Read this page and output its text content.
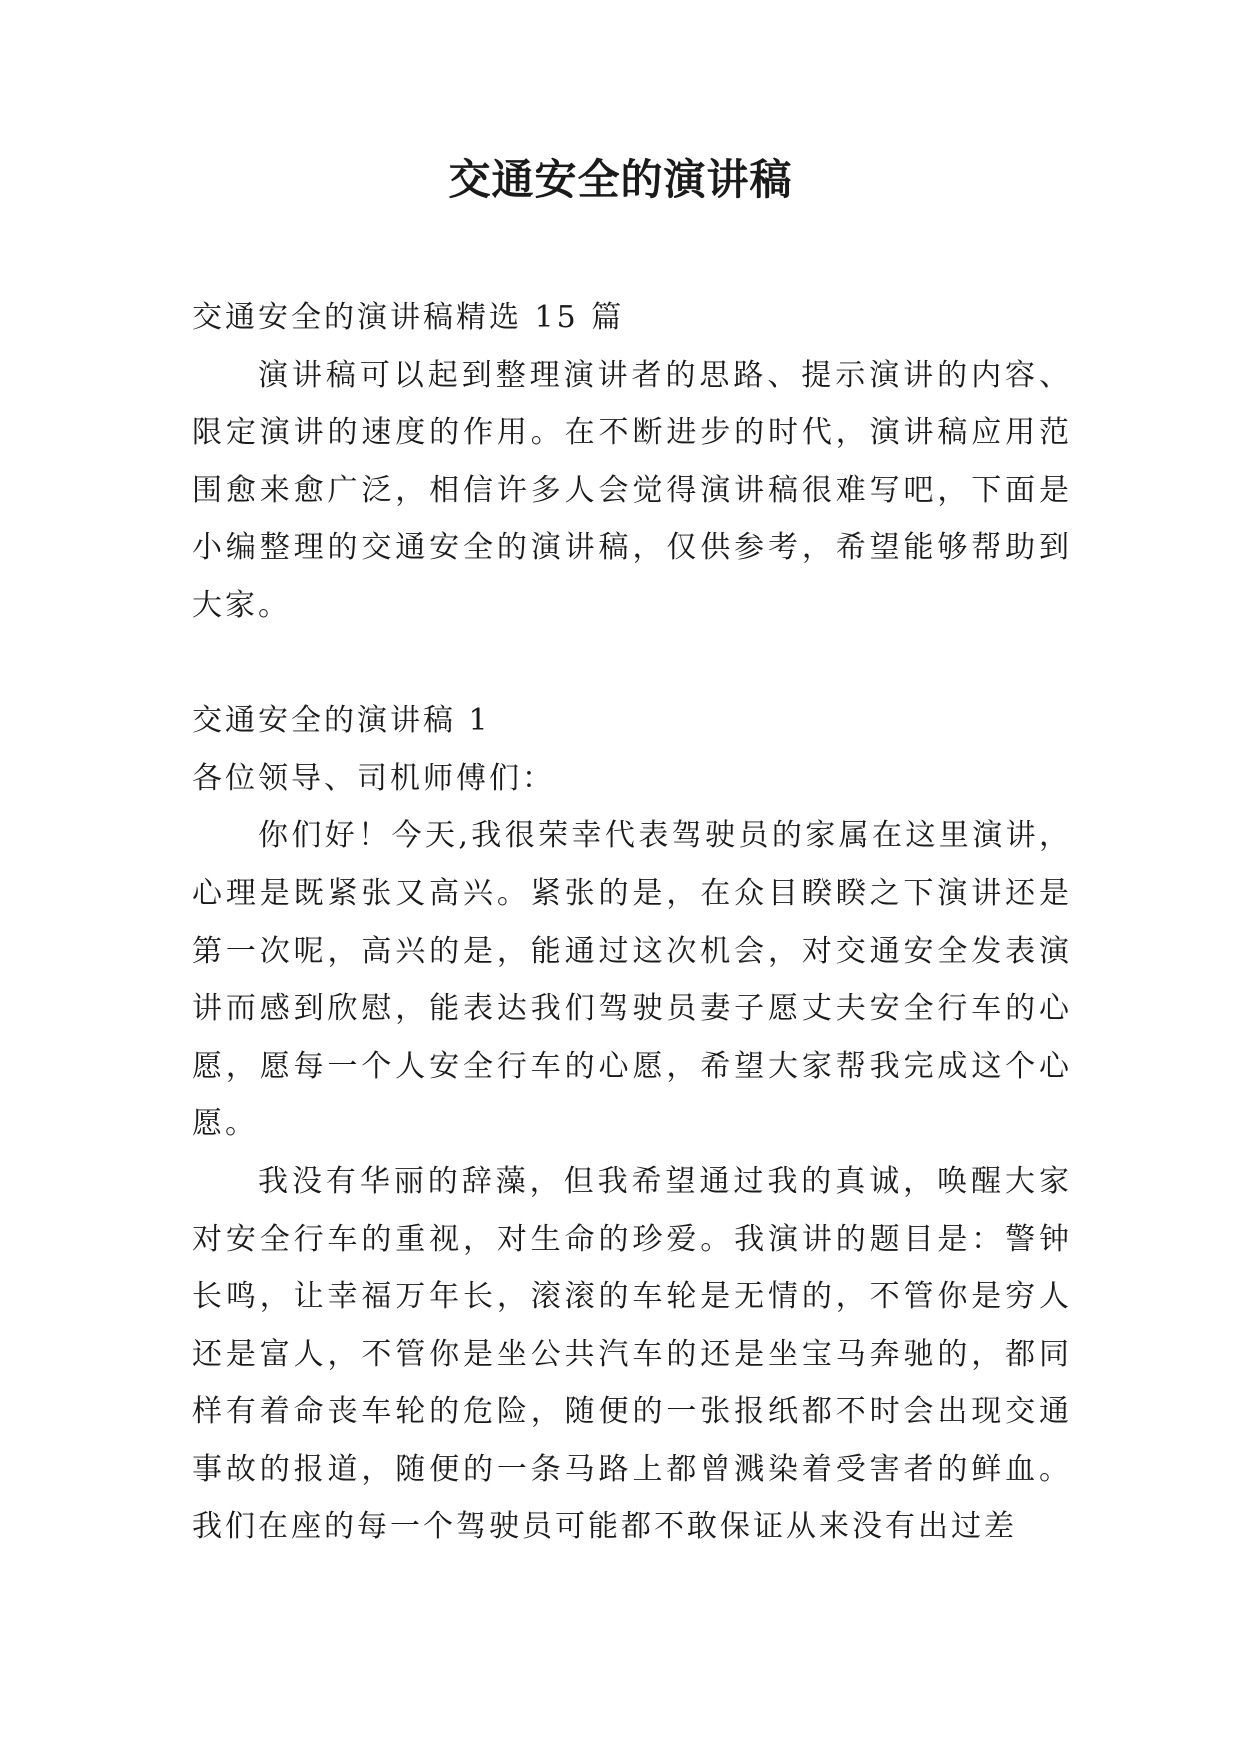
交通安全的演讲稿

交通安全的演讲稿精选 15 篇

演讲稿可以起到整理演讲者的思路、提示演讲的内容、限定演讲的速度的作用。在不断进步的时代，演讲稿应用范围愈来愈广泛，相信许多人会觉得演讲稿很难写吧，下面是小编整理的交通安全的演讲稿，仅供参考，希望能够帮助到大家。

交通安全的演讲稿 1

各位领导、司机师傅们：

你们好！今天,我很荣幸代表驾驶员的家属在这里演讲，心理是既紧张又高兴。紧张的是，在众目睽睽之下演讲还是第一次呢，高兴的是，能通过这次机会，对交通安全发表演讲而感到欣慰，能表达我们驾驶员妻子愿丈夫安全行车的心愿，愿每一个人安全行车的心愿，希望大家帮我完成这个心愿。

我没有华丽的辞藻，但我希望通过我的真诚，唤醒大家对安全行车的重视，对生命的珍爱。我演讲的题目是：警钟长鸣，让幸福万年长，滚滚的车轮是无情的，不管你是穷人还是富人，不管你是坐公共汽车的还是坐宝马奔驰的，都同样有着命丧车轮的危险，随便的一张报纸都不时会出现交通事故的报道，随便的一条马路上都曾溅染着受害者的鲜血。我们在座的每一个驾驶员可能都不敢保证从来没有出过差
